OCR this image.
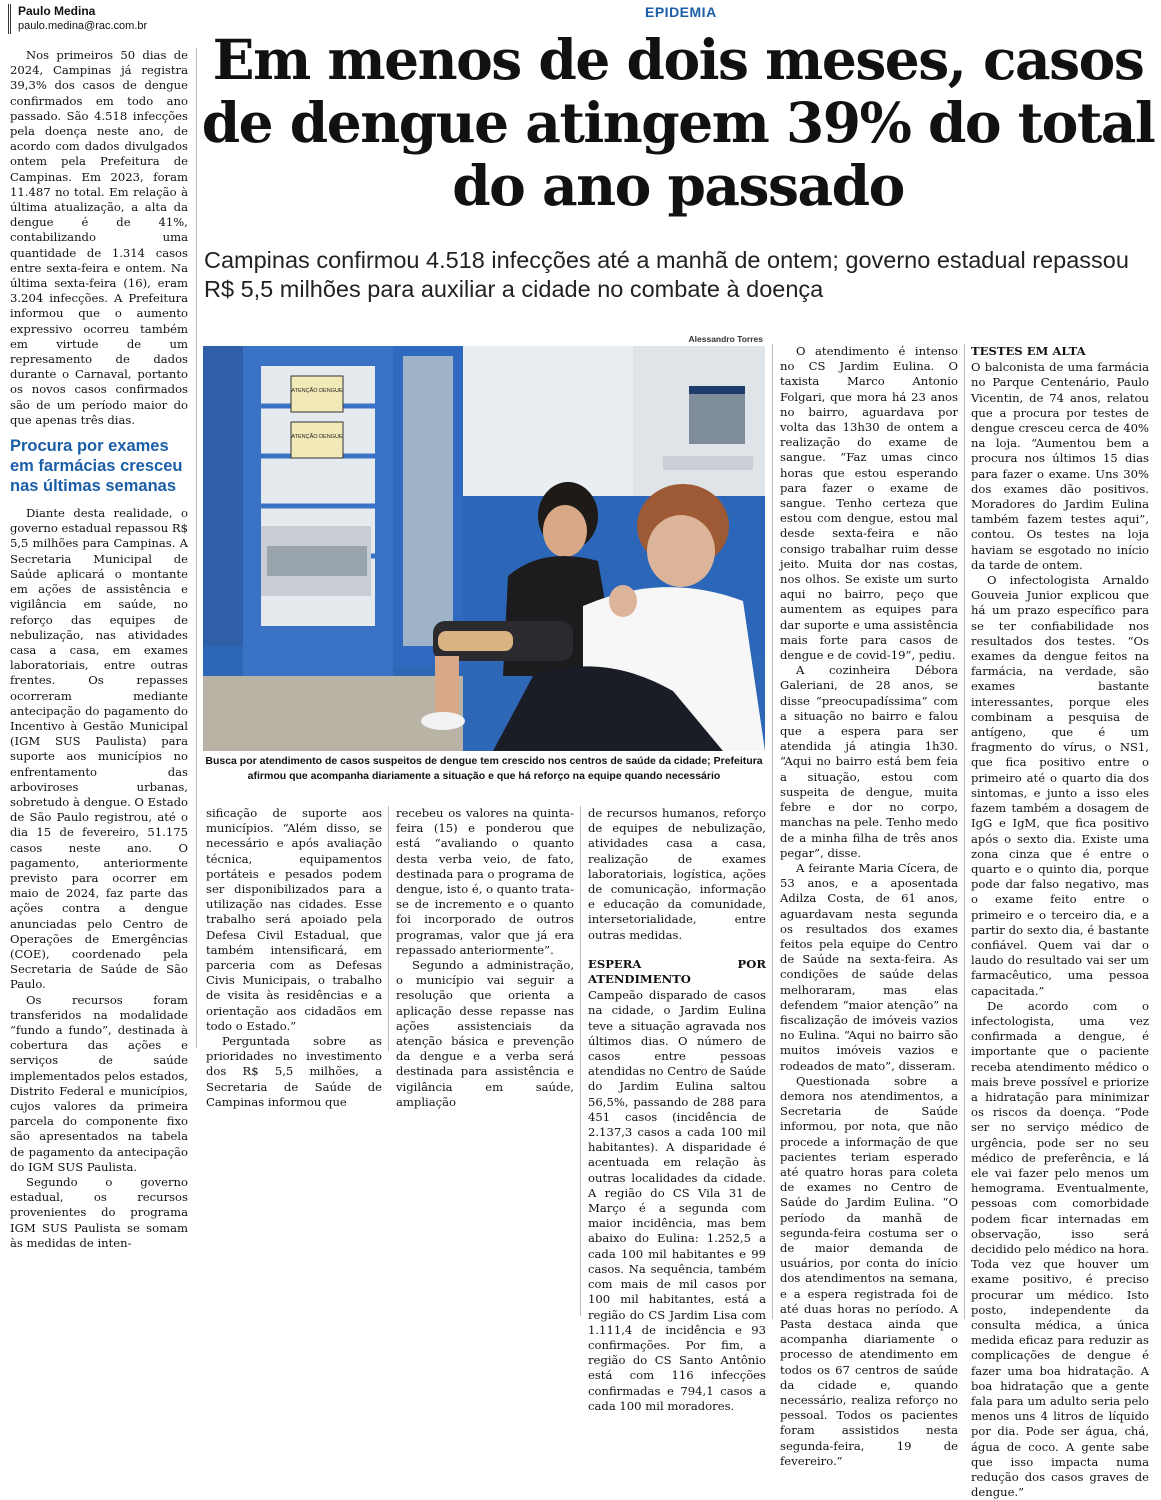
Paulo Medina
paulo.medina@rac.com.br
EPIDEMIA
Em menos de dois meses, casos de dengue atingem 39% do total do ano passado

Campinas confirmou 4.518 infecções até a manhã de ontem; governo estadual repassou R$ 5,5 milhões para auxiliar a cidade no combate à doença

Nos primeiros 50 dias de 2024, Campinas já registra 39,3% dos casos de dengue confirmados em todo ano passado. São 4.518 infecções pela doença neste ano, de acordo com dados divulgados ontem pela Prefeitura de Campinas. Em 2023, foram 11.487 no total. Em relação à última atualização, a alta da dengue é de 41%, contabilizando uma quantidade de 1.314 casos entre sexta-feira e ontem. Na última sexta-feira (16), eram 3.204 infecções. A Prefeitura informou que o aumento expressivo ocorreu também em virtude de um represamento de dados durante o Carnaval, portanto os novos casos confirmados são de um período maior do que apenas três dias.

Procura por exames em farmácias cresceu nas últimas semanas

Diante desta realidade, o governo estadual repassou R$ 5,5 milhões para Campinas. A Secretaria Municipal de Saúde aplicará o montante em ações de assistência e vigilância em saúde, no reforço das equipes de nebulização, nas atividades casa a casa, em exames laboratoriais, entre outras frentes. Os repasses ocorreram mediante antecipação do pagamento do Incentivo à Gestão Municipal (IGM SUS Paulista) para suporte aos municípios no enfrentamento das arboviroses urbanas, sobretudo à dengue. O Estado de São Paulo registrou, até o dia 15 de fevereiro, 51.175 casos neste ano. O pagamento, anteriormente previsto para ocorrer em maio de 2024, faz parte das ações contra a dengue anunciadas pelo Centro de Operações de Emergências (COE), coordenado pela Secretaria de Saúde de São Paulo.

Os recursos foram transferidos na modalidade “fundo a fundo”, destinada à cobertura das ações e serviços de saúde implementados pelos estados, Distrito Federal e municípios, cujos valores da primeira parcela do componente fixo são apresentados na tabela de pagamento da antecipação do IGM SUS Paulista.

Segundo o governo estadual, os recursos provenientes do programa IGM SUS Paulista se somam às medidas de inten-

Alessandro Torres
ATENÇÃO DENGUE
ATENÇÃO DENGUE

Busca por atendimento de casos suspeitos de dengue tem crescido nos centros de saúde da cidade; Prefeitura afirmou que acompanha diariamente a situação e que há reforço na equipe quando necessário

sificação de suporte aos municípios. “Além disso, se necessário e após avaliação técnica, equipamentos portáteis e pesados podem ser disponibilizados para a utilização nas cidades. Esse trabalho será apoiado pela Defesa Civil Estadual, que também intensificará, em parceria com as Defesas Civis Municipais, o trabalho de visita às residências e a orientação aos cidadãos em todo o Estado.”

Perguntada sobre as prioridades no investimento dos R$ 5,5 milhões, a Secretaria de Saúde de Campinas informou que

recebeu os valores na quinta-feira (15) e ponderou que está “avaliando o quanto desta verba veio, de fato, destinada para o programa de dengue, isto é, o quanto trata-se de incremento e o quanto foi incorporado de outros programas, valor que já era repassado anteriormente”.

Segundo a administração, o município vai seguir a resolução que orienta a aplicação desse repasse nas ações assistenciais da atenção básica e prevenção da dengue e a verba será destinada para assistência e vigilância em saúde, ampliação

de recursos humanos, reforço de equipes de nebulização, atividades casa a casa, realização de exames laboratoriais, logística, ações de comunicação, informação e educação da comunidade, intersetorialidade, entre outras medidas.

ESPERA POR ATENDIMENTO

Campeão disparado de casos na cidade, o Jardim Eulina teve a situação agravada nos últimos dias. O número de casos entre pessoas atendidas no Centro de Saúde do Jardim Eulina saltou 56,5%, passando de 288 para 451 casos (incidência de 2.137,3 casos a cada 100 mil habitantes). A disparidade é acentuada em relação às outras localidades da cidade. A região do CS Vila 31 de Março é a segunda com maior incidência, mas bem abaixo do Eulina: 1.252,5 a cada 100 mil habitantes e 99 casos. Na sequência, também com mais de mil casos por 100 mil habitantes, está a região do CS Jardim Lisa com 1.111,4 de incidência e 93 confirmações. Por fim, a região do CS Santo Antônio está com 116 infecções confirmadas e 794,1 casos a cada 100 mil moradores.

O atendimento é intenso no CS Jardim Eulina. O taxista Marco Antonio Folgari, que mora há 23 anos no bairro, aguardava por volta das 13h30 de ontem a realização do exame de sangue. “Faz umas cinco horas que estou esperando para fazer o exame de sangue. Tenho certeza que estou com dengue, estou mal desde sexta-feira e não consigo trabalhar ruim desse jeito. Muita dor nas costas, nos olhos. Se existe um surto aqui no bairro, peço que aumentem as equipes para dar suporte e uma assistência mais forte para casos de dengue e de covid-19”, pediu.

A cozinheira Débora Galeriani, de 28 anos, se disse “preocupadíssima” com a situação no bairro e falou que a espera para ser atendida já atingia 1h30. “Aqui no bairro está bem feia a situação, estou com suspeita de dengue, muita febre e dor no corpo, manchas na pele. Tenho medo de a minha filha de três anos pegar”, disse.

A feirante Maria Cícera, de 53 anos, e a aposentada Adilza Costa, de 61 anos, aguardavam nesta segunda os resultados dos exames feitos pela equipe do Centro de Saúde na sexta-feira. As condições de saúde delas melhoraram, mas elas defendem “maior atenção” na fiscalização de imóveis vazios no Eulina. “Aqui no bairro são muitos imóveis vazios e rodeados de mato”, disseram.

Questionada sobre a demora nos atendimentos, a Secretaria de Saúde informou, por nota, que não procede a informação de que pacientes teriam esperado até quatro horas para coleta de exames no Centro de Saúde do Jardim Eulina. “O período da manhã de segunda-feira costuma ser o de maior demanda de usuários, por conta do início dos atendimentos na semana, e a espera registrada foi de até duas horas no período. A Pasta destaca ainda que acompanha diariamente o processo de atendimento em todos os 67 centros de saúde da cidade e, quando necessário, realiza reforço no pessoal. Todos os pacientes foram assistidos nesta segunda-feira, 19 de fevereiro.”

TESTES EM ALTA

O balconista de uma farmácia no Parque Centenário, Paulo Vicentin, de 74 anos, relatou que a procura por testes de dengue cresceu cerca de 40% na loja. “Aumentou bem a procura nos últimos 15 dias para fazer o exame. Uns 30% dos exames dão positivos. Moradores do Jardim Eulina também fazem testes aqui”, contou. Os testes na loja haviam se esgotado no início da tarde de ontem.

O infectologista Arnaldo Gouveia Junior explicou que há um prazo específico para se ter confiabilidade nos resultados dos testes. “Os exames da dengue feitos na farmácia, na verdade, são exames bastante interessantes, porque eles combinam a pesquisa de antígeno, que é um fragmento do vírus, o NS1, que fica positivo entre o primeiro até o quarto dia dos sintomas, e junto a isso eles fazem também a dosagem de IgG e IgM, que fica positivo após o sexto dia. Existe uma zona cinza que é entre o quarto e o quinto dia, porque pode dar falso negativo, mas o exame feito entre o primeiro e o terceiro dia, e a partir do sexto dia, é bastante confiável. Quem vai dar o laudo do resultado vai ser um farmacêutico, uma pessoa capacitada.”

De acordo com o infectologista, uma vez confirmada a dengue, é importante que o paciente receba atendimento médico o mais breve possível e priorize a hidratação para minimizar os riscos da doença. “Pode ser no serviço médico de urgência, pode ser no seu médico de preferência, e lá ele vai fazer pelo menos um hemograma. Eventualmente, pessoas com comorbidade podem ficar internadas em observação, isso será decidido pelo médico na hora. Toda vez que houver um exame positivo, é preciso procurar um médico. Isto posto, independente da consulta médica, a única medida eficaz para reduzir as complicações de dengue é fazer uma boa hidratação. A boa hidratação que a gente fala para um adulto seria pelo menos uns 4 litros de líquido por dia. Pode ser água, chá, água de coco. A gente sabe que isso impacta numa redução dos casos graves de dengue.”
